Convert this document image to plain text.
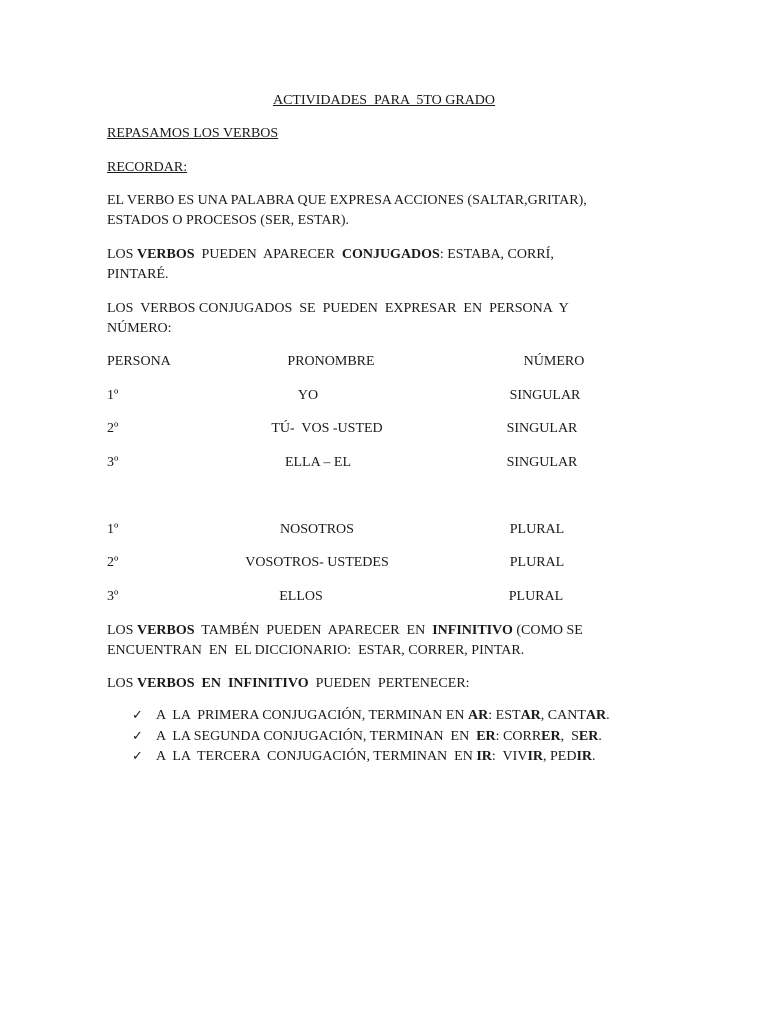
ACTIVIDADES  PARA  5TO GRADO
REPASAMOS LOS VERBOS
RECORDAR:
EL VERBO ES UNA PALABRA QUE EXPRESA ACCIONES (SALTAR,GRITAR),
ESTADOS O PROCESOS (SER, ESTAR).
LOS VERBOS  PUEDEN  APARECER  CONJUGADOS: ESTABA, CORRÍ,
PINTARÉ.
LOS  VERBOS CONJUGADOS  SE  PUEDEN  EXPRESAR  EN  PERSONA  Y
NÚMERO:
PERSONA	PRONOMBRE	NÚMERO
1º	YO	SINGULAR
2º	TÚ-  VOS -USTED	SINGULAR
3º	ELLA – EL	SINGULAR
1º	NOSOTROS	PLURAL
2º	VOSOTROS- USTEDES	PLURAL
3º	ELLOS	PLURAL
LOS VERBOS  TAMBÉN  PUEDEN  APARECER  EN  INFINITIVO (COMO SE
ENCUENTRAN  EN  EL DICCIONARIO:  ESTAR, CORRER, PINTAR.
LOS VERBOS  EN  INFINITIVO  PUEDEN  PERTENECER:
✓ A  LA  PRIMERA CONJUGACIÓN, TERMINAN EN AR: ESTAR, CANTAR.
✓ A  LA SEGUNDA CONJUGACIÓN, TERMINAN  EN  ER: CORRER,  SER.
✓ A  LA  TERCERA  CONJUGACIÓN, TERMINAN  EN IR:  VIVIR, PEDIR.
